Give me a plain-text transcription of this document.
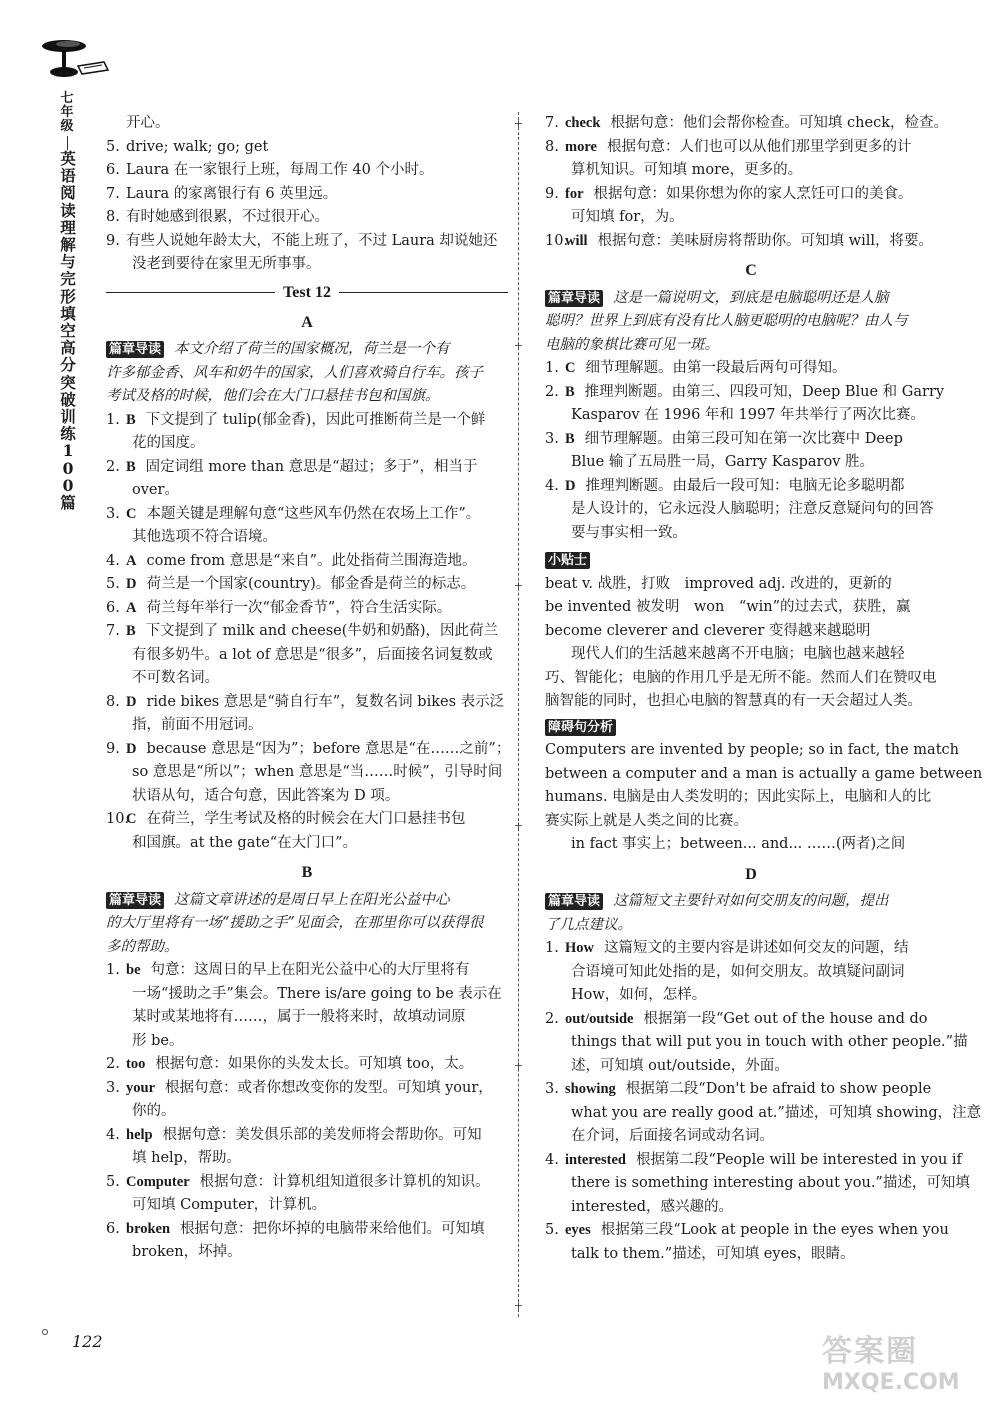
七年级
英语阅读理解与完形填空高分突破训练100篇
122
+
+
+
+
+
+
答案圈
MXQE.COM
开心。
5. drive; walk; go; get
6. Laura 在一家银行上班，每周工作 40 个小时。
7. Laura 的家离银行有 6 英里远。
8. 有时她感到很累，不过很开心。
9. 有些人说她年龄太大，不能上班了，不过 Laura 却说她还
没老到要待在家里无所事事。
Test 12
A
篇章导读 本文介绍了荷兰的国家概况，荷兰是一个有
许多郁金香、风车和奶牛的国家，人们喜欢骑自行车。孩子
考试及格的时候，他们会在大门口悬挂书包和国旗。
1. B 下文提到了 tulip(郁金香)，因此可推断荷兰是一个鲜
花的国度。
2. B 固定词组 more than 意思是“超过；多于”，相当于
over。
3. C 本题关键是理解句意“这些风车仍然在农场上工作”。
其他选项不符合语境。
4. A come from 意思是“来自”。此处指荷兰围海造地。
5. D 荷兰是一个国家(country)。郁金香是荷兰的标志。
6. A 荷兰每年举行一次“郁金香节”，符合生活实际。
7. B 下文提到了 milk and cheese(牛奶和奶酪)，因此荷兰
有很多奶牛。a lot of 意思是“很多”，后面接名词复数或
不可数名词。
8. D ride bikes 意思是“骑自行车”，复数名词 bikes 表示泛
指，前面不用冠词。
9. D because 意思是“因为”；before 意思是“在……之前”；
so 意思是“所以”；when 意思是“当……时候”，引导时间
状语从句，适合句意，因此答案为 D 项。
10.C 在荷兰，学生考试及格的时候会在大门口悬挂书包
和国旗。at the gate“在大门口”。
B
篇章导读 这篇文章讲述的是周日早上在阳光公益中心
的大厅里将有一场“援助之手”见面会，在那里你可以获得很
多的帮助。
1. be 句意：这周日的早上在阳光公益中心的大厅里将有
一场“援助之手”集会。There is/are going to be 表示在
某时或某地将有……，属于一般将来时，故填动词原
形 be。
2. too 根据句意：如果你的头发太长。可知填 too，太。
3. your 根据句意：或者你想改变你的发型。可知填 your，
你的。
4. help 根据句意：美发俱乐部的美发师将会帮助你。可知
填 help，帮助。
5. Computer 根据句意：计算机组知道很多计算机的知识。
可知填 Computer，计算机。
6. broken 根据句意：把你坏掉的电脑带来给他们。可知填
broken，坏掉。
7. check 根据句意：他们会帮你检查。可知填 check，检查。
8. more 根据句意：人们也可以从他们那里学到更多的计
算机知识。可知填 more，更多的。
9. for 根据句意：如果你想为你的家人烹饪可口的美食。
可知填 for，为。
10.will 根据句意：美味厨房将帮助你。可知填 will，将要。
C
篇章导读 这是一篇说明文，到底是电脑聪明还是人脑
聪明？世界上到底有没有比人脑更聪明的电脑呢？由人与
电脑的象棋比赛可见一斑。
1. C 细节理解题。由第一段最后两句可得知。
2. B 推理判断题。由第三、四段可知，Deep Blue 和 Garry
Kasparov 在 1996 年和 1997 年共举行了两次比赛。
3. B 细节理解题。由第三段可知在第一次比赛中 Deep
Blue 输了五局胜一局，Garry Kasparov 胜。
4. D 推理判断题。由最后一段可知：电脑无论多聪明都
是人设计的，它永远没人脑聪明；注意反意疑问句的回答
要与事实相一致。
小贴士
beat v. 战胜，打败　improved adj. 改进的，更新的
be invented 被发明　won　“win”的过去式，获胜，赢
become cleverer and cleverer 变得越来越聪明
现代人们的生活越来越离不开电脑；电脑也越来越轻
巧、智能化；电脑的作用几乎是无所不能。然而人们在赞叹电
脑智能的同时，也担心电脑的智慧真的有一天会超过人类。
障碍句分析
Computers are invented by people; so in fact, the match
between a computer and a man is actually a game between
humans. 电脑是由人类发明的；因此实际上，电脑和人的比
赛实际上就是人类之间的比赛。
in fact 事实上；between... and... ……(两者)之间
D
篇章导读 这篇短文主要针对如何交朋友的问题，提出
了几点建议。
1. How 这篇短文的主要内容是讲述如何交友的问题，结
合语境可知此处指的是，如何交朋友。故填疑问副词
How，如何，怎样。
2. out/outside 根据第一段“Get out of the house and do
things that will put you in touch with other people.”描
述，可知填 out/outside，外面。
3. showing 根据第二段“Don't be afraid to show people
what you are really good at.”描述，可知填 showing，注意
在介词，后面接名词或动名词。
4. interested 根据第二段“People will be interested in you if
there is something interesting about you.”描述，可知填
interested，感兴趣的。
5. eyes 根据第三段“Look at people in the eyes when you
talk to them.”描述，可知填 eyes，眼睛。
